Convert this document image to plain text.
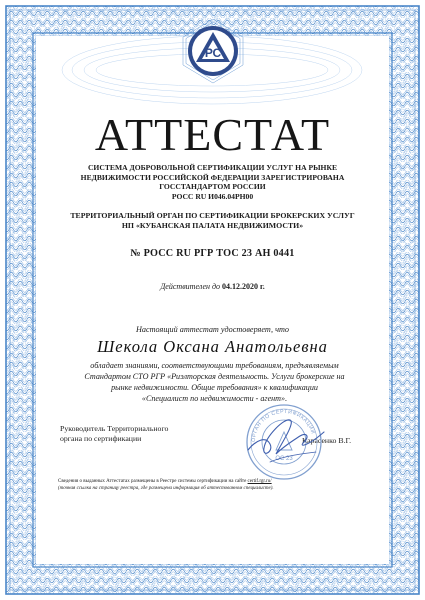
РС
АТТЕСТАТ
СИСТЕМА ДОБРОВОЛЬНОЙ СЕРТИФИКАЦИИ УСЛУГ НА РЫНКЕ
НЕДВИЖИМОСТИ РОССИЙСКОЙ ФЕДЕРАЦИИ ЗАРЕГИСТРИРОВАНА
ГОССТАНДАРТОМ РОССИИ
РОСС RU И046.04РН00
ТЕРРИТОРИАЛЬНЫЙ ОРГАН ПО СЕРТИФИКАЦИИ БРОКЕРСКИХ УСЛУГ
НП «КУБАНСКАЯ ПАЛАТА НЕДВИЖИМОСТИ»
№ РОСС RU РГР ТОС 23 АН 0441
Действителен до 04.12.2020 г.
Настоящий аттестат удостоверяет, что
Шекола Оксана Анатольевна
обладает знаниями, соответствующими требованиям, предъявляемым
Стандартом СТО РГР «Риэлторская деятельность. Услуги брокерские на
рынке недвижимости. Общие требования» к квалификации
«Специалист по недвижимости - агент».
Руководитель Территориального
органа по сертификации	Карасенко В.Г.
Сведения о выданных Аттестатах размещены в Реестре системы сертификации на сайте certif.rgr.ru/
(точная ссылка на страницу реестра, где размещена информация об аттестованном специалисте).
ОРГАН ПО СЕРТИФИКАЦИИ
ОС 23
